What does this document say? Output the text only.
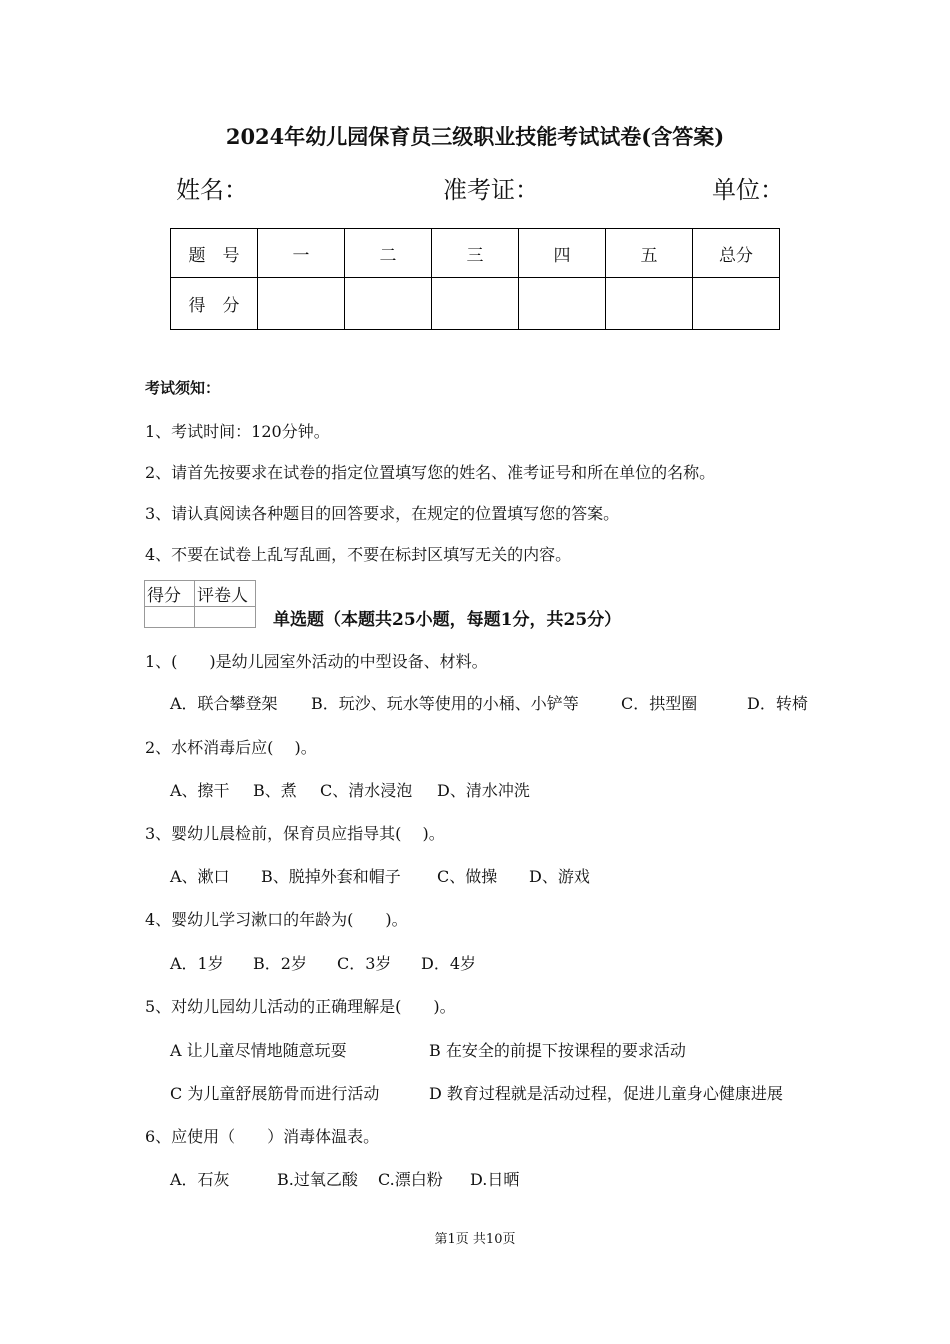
2024年幼儿园保育员三级职业技能考试试卷(含答案)
姓名：	准考证：	单位：
题　号	一	二	三	四	五	总分
得　分						
考试须知：
1、考试时间：120分钟。
2、请首先按要求在试卷的指定位置填写您的姓名、准考证号和所在单位的名称。
3、请认真阅读各种题目的回答要求，在规定的位置填写您的答案。
4、不要在试卷上乱写乱画，不要在标封区填写无关的内容。
得分	评卷人

单选题（本题共25小题，每题1分，共25分）
1、(　　)是幼儿园室外活动的中型设备、材料。
A．联合攀登架 B．玩沙、玩水等使用的小桶、小铲等	C．拱型圈	D．转椅
2、水杯消毒后应(　 )。
A、擦干 B、煮 C、清水浸泡 D、清水冲洗
3、婴幼儿晨检前，保育员应指导其(　 )。
A、漱口 B、脱掉外套和帽子 C、做操 D、游戏
4、婴幼儿学习漱口的年龄为(　　)。
A．1岁 B．2岁 C．3岁 D．4岁
5、对幼儿园幼儿活动的正确理解是(　　)。
A 让儿童尽情地随意玩耍	B 在安全的前提下按课程的要求活动
C 为儿童舒展筋骨而进行活动	D 教育过程就是活动过程，促进儿童身心健康进展
6、应使用（　　）消毒体温表。
A．石灰	B.过氧乙酸 C.漂白粉 D.日晒
第1页 共10页
